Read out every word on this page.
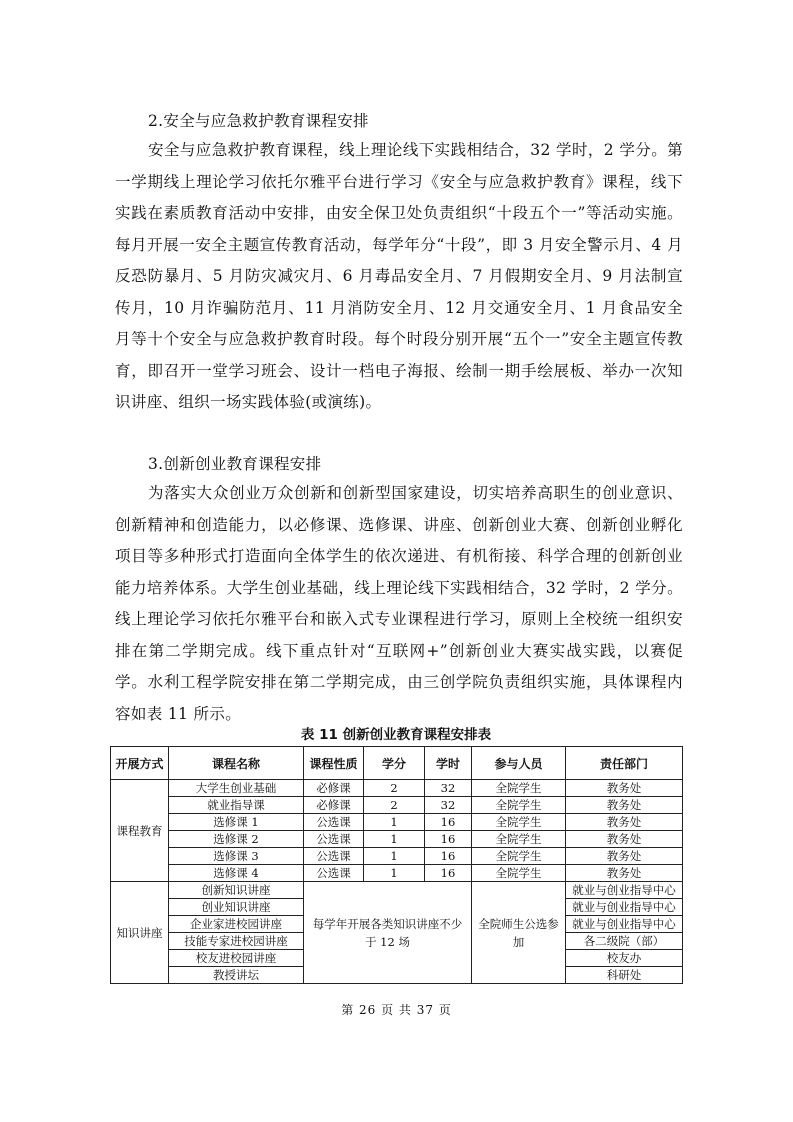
2.安全与应急救护教育课程安排
安全与应急救护教育课程，线上理论线下实践相结合，32 学时，2 学分。第一学期线上理论学习依托尔雅平台进行学习《安全与应急救护教育》课程，线下实践在素质教育活动中安排，由安全保卫处负责组织“十段五个一”等活动实施。每月开展一安全主题宣传教育活动，每学年分“十段”，即 3 月安全警示月、4 月反恐防暴月、5 月防灾减灾月、6 月毒品安全月、7 月假期安全月、9 月法制宣传月，10 月诈骗防范月、11 月消防安全月、12 月交通安全月、1 月食品安全月等十个安全与应急救护教育时段。每个时段分别开展“五个一”安全主题宣传教育，即召开一堂学习班会、设计一档电子海报、绘制一期手绘展板、举办一次知识讲座、组织一场实践体验(或演练)。
3.创新创业教育课程安排
为落实大众创业万众创新和创新型国家建设，切实培养高职生的创业意识、创新精神和创造能力，以必修课、选修课、讲座、创新创业大赛、创新创业孵化项目等多种形式打造面向全体学生的依次递进、有机衔接、科学合理的创新创业能力培养体系。大学生创业基础，线上理论线下实践相结合，32 学时，2 学分。线上理论学习依托尔雅平台和嵌入式专业课程进行学习，原则上全校统一组织安排在第二学期完成。线下重点针对“互联网+”创新创业大赛实战实践，以赛促学。水利工程学院安排在第二学期完成，由三创学院负责组织实施，具体课程内容如表 11 所示。
表 11 创新创业教育课程安排表
开展方式	课程名称	课程性质	学分	学时	参与人员	责任部门
课程教育	大学生创业基础	必修课	2	32	全院学生	教务处
	就业指导课	必修课	2	32	全院学生	教务处
	选修课 1	公选课	1	16	全院学生	教务处
	选修课 2	公选课	1	16	全院学生	教务处
	选修课 3	公选课	1	16	全院学生	教务处
	选修课 4	公选课	1	16	全院学生	教务处
知识讲座	创新知识讲座	每学年开展各类知识讲座不少于 12 场			全院师生公选参加	就业与创业指导中心
	创业知识讲座					就业与创业指导中心
	企业家进校园讲座					就业与创业指导中心
	技能专家进校园讲座					各二级院（部）
	校友进校园讲座					校友办
	教授讲坛					科研处
第 26 页 共 37 页
